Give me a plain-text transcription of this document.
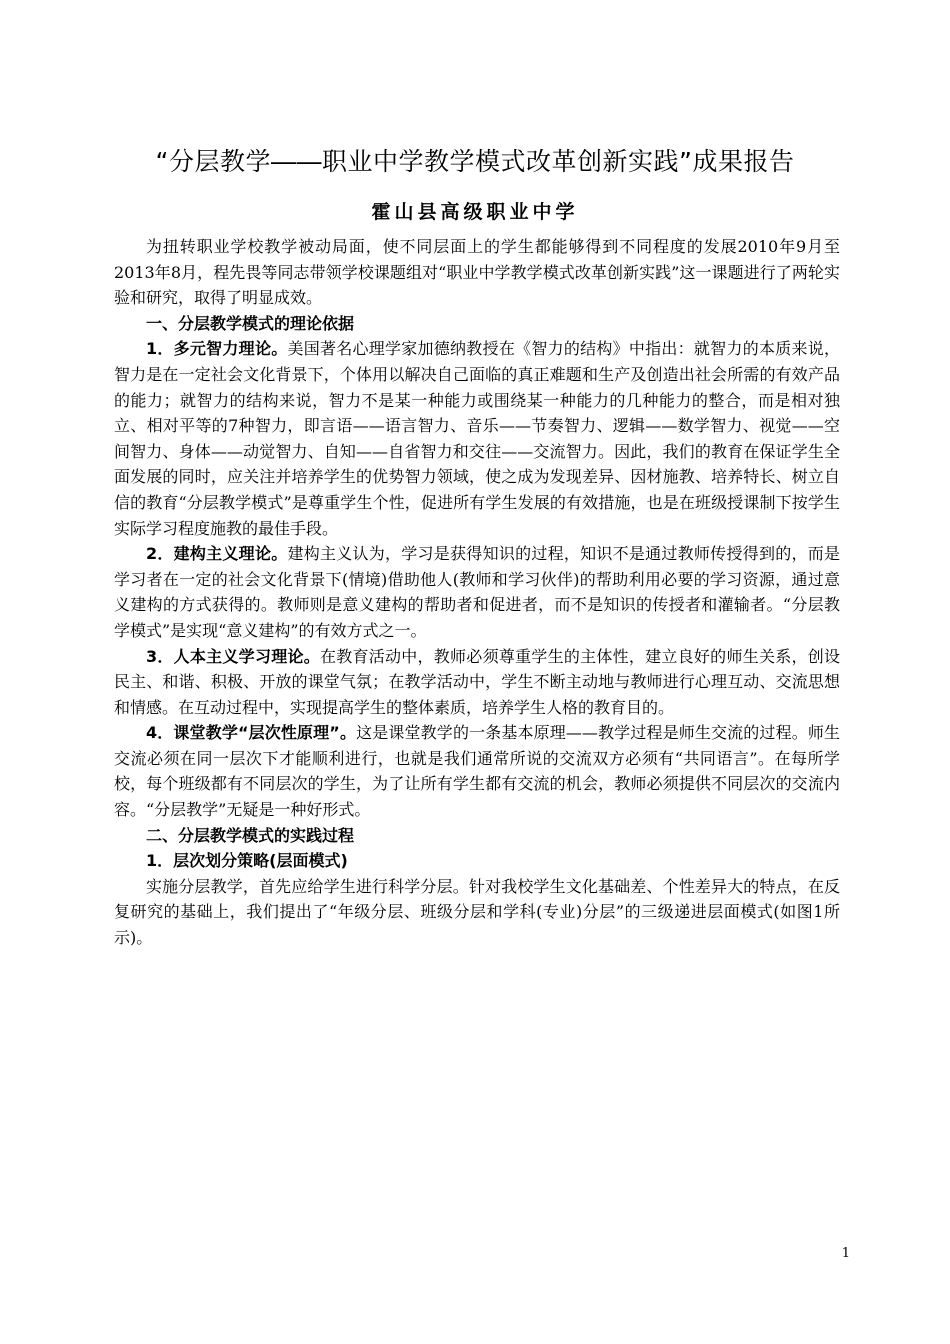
“分层教学――职业中学教学模式改革创新实践”成果报告
霍山县高级职业中学

为扭转职业学校教学被动局面，使不同层面上的学生都能够得到不同程度的发展2010年9月至2013年8月，程先畏等同志带领学校课题组对“职业中学教学模式改革创新实践”这一课题进行了两轮实验和研究，取得了明显成效。

一、分层教学模式的理论依据

1．多元智力理论。美国著名心理学家加德纳教授在《智力的结构》中指出：就智力的本质来说，智力是在一定社会文化背景下，个体用以解决自己面临的真正难题和生产及创造出社会所需的有效产品的能力；就智力的结构来说，智力不是某一种能力或围绕某一种能力的几种能力的整合，而是相对独立、相对平等的7种智力，即言语——语言智力、音乐——节奏智力、逻辑——数学智力、视觉——空间智力、身体——动觉智力、自知——自省智力和交往——交流智力。因此，我们的教育在保证学生全面发展的同时，应关注并培养学生的优势智力领域，使之成为发现差异、因材施教、培养特长、树立自信的教育“分层教学模式”是尊重学生个性，促进所有学生发展的有效措施，也是在班级授课制下按学生实际学习程度施教的最佳手段。

2．建构主义理论。建构主义认为，学习是获得知识的过程，知识不是通过教师传授得到的，而是学习者在一定的社会文化背景下(情境)借助他人(教师和学习伙伴)的帮助利用必要的学习资源，通过意义建构的方式获得的。教师则是意义建构的帮助者和促进者，而不是知识的传授者和灌输者。“分层教学模式”是实现“意义建构”的有效方式之一。

3．人本主义学习理论。在教育活动中，教师必须尊重学生的主体性，建立良好的师生关系，创设民主、和谐、积极、开放的课堂气氛；在教学活动中，学生不断主动地与教师进行心理互动、交流思想和情感。在互动过程中，实现提高学生的整体素质，培养学生人格的教育目的。

4．课堂教学“层次性原理”。这是课堂教学的一条基本原理——教学过程是师生交流的过程。师生交流必须在同一层次下才能顺利进行，也就是我们通常所说的交流双方必须有“共同语言”。在每所学校，每个班级都有不同层次的学生，为了让所有学生都有交流的机会，教师必须提供不同层次的交流内容。“分层教学”无疑是一种好形式。

二、分层教学模式的实践过程

1．层次划分策略(层面模式)

实施分层教学，首先应给学生进行科学分层。针对我校学生文化基础差、个性差异大的特点，在反复研究的基础上，我们提出了“年级分层、班级分层和学科(专业)分层”的三级递进层面模式(如图1所示)。

1
